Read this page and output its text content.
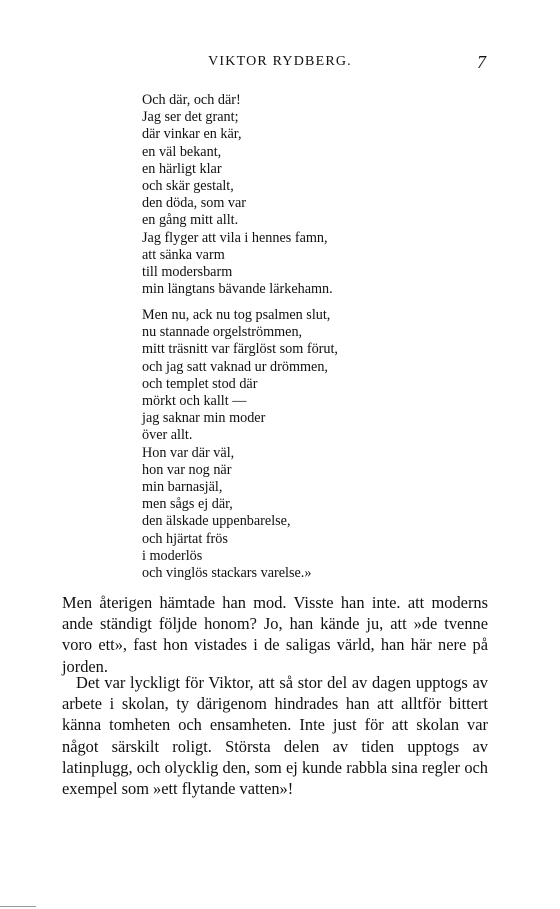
VIKTOR RYDBERG.	7
Och där, och där!
Jag ser det grant;
där vinkar en kär,
en väl bekant,
en härligt klar
och skär gestalt,
den döda, som var
en gång mitt allt.
Jag flyger att vila i hennes famn,
att sänka varm
till modersbarm
min längtans bävande lärkehamn.
Men nu, ack nu tog psalmen slut,
nu stannade orgelströmmen,
mitt träsnitt var färglöst som förut,
och jag satt vaknad ur drömmen,
och templet stod där
mörkt och kallt —
jag saknar min moder
över allt.
Hon var där väl,
hon var nog när
min barnasjäl,
men sågs ej där,
den älskade uppenbarelse,
och hjärtat frös
i moderlös
och vinglös stackars varelse.»

Men återigen hämtade han mod. Visste han inte. att moderns ande ständigt följde honom? Jo, han kände ju, att »de tvenne voro ett», fast hon vistades i de saligas värld, han här nere på jorden.

Det var lyckligt för Viktor, att så stor del av dagen upptogs av arbete i skolan, ty därigenom hindrades han att alltför bittert känna tomheten och ensamheten. Inte just för att skolan var något särskilt roligt. Största delen av tiden upptogs av latinplugg, och olycklig den, som ej kunde rabbla sina regler och exempel som »ett flytande vatten»!
